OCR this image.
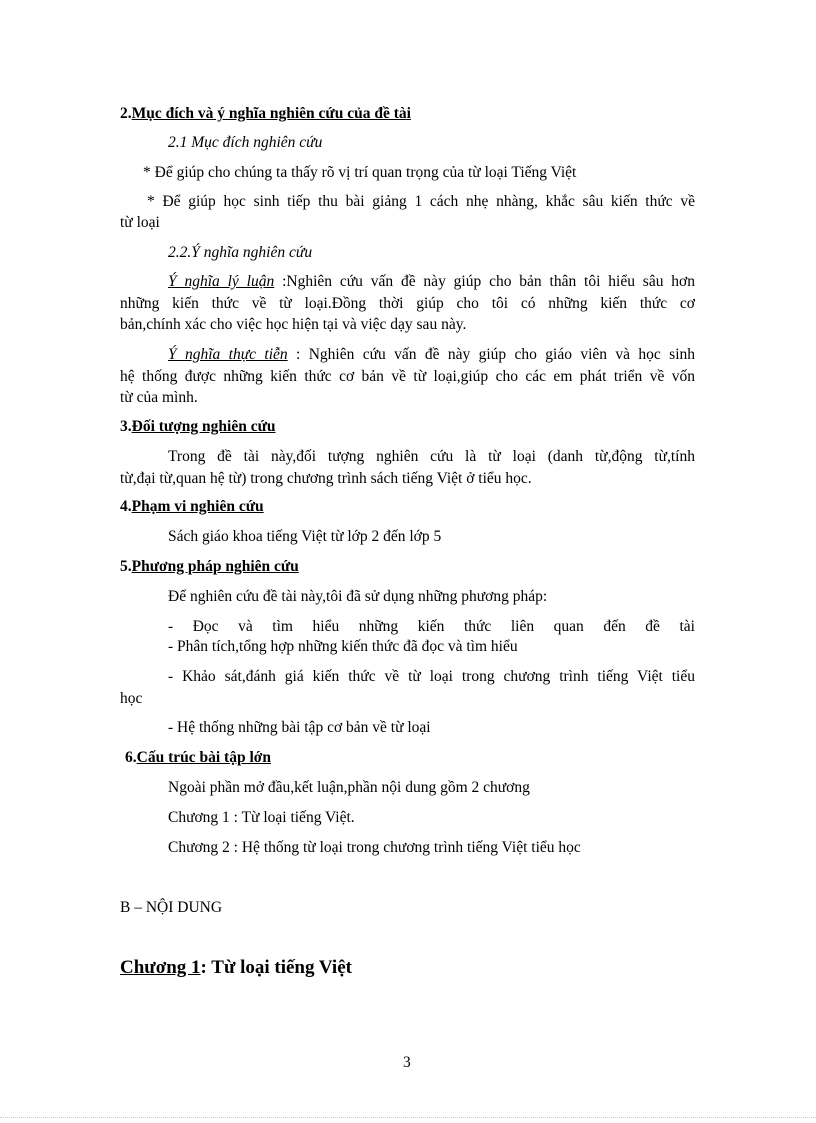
2.Mục đích và ý nghĩa nghiên cứu của đề tài
2.1 Mục đích nghiên cứu
* Để giúp cho chúng ta thấy rõ vị trí quan trọng của từ loại Tiếng Việt
* Để giúp học sinh tiếp thu bài giảng 1 cách nhẹ nhàng, khắc sâu kiến thức về
từ loại
2.2.Ý nghĩa nghiên cứu
Ý nghĩa lý luận :Nghiên cứu vấn đề này giúp cho bản thân tôi hiểu sâu hơn
những kiến thức về từ loại.Đồng thời giúp cho tôi có những kiến thức cơ
bản,chính xác cho việc học hiện tại và việc dạy sau này.
Ý nghĩa thực tiễn : Nghiên cứu vấn đề này giúp cho giáo viên và học sinh
hệ thống được những kiến thức cơ bản về từ loại,giúp cho các em phát triển về vốn
từ của mình.
3.Đối tượng nghiên cứu
Trong đề tài này,đối tượng nghiên cứu là từ loại (danh từ,động từ,tính
từ,đại từ,quan hệ từ) trong chương trình sách tiếng Việt ở tiểu học.
4.Phạm vi nghiên cứu
Sách giáo khoa tiếng Việt từ lớp 2 đến lớp 5
5.Phương pháp nghiên cứu
Để nghiên cứu đề tài này,tôi đã sử dụng những phương pháp:
- Đọc và tìm hiểu những kiến thức liên quan đến đề tài
- Phân tích,tổng hợp những kiến thức đã đọc và tìm hiểu
- Khảo sát,đánh giá kiến thức về từ loại trong chương trình tiếng Việt tiểu
học
- Hệ thống những bài tập cơ bản về từ loại
6.Cấu trúc bài tập lớn
Ngoài phần mở đầu,kết luận,phần nội dung gồm 2 chương
Chương 1 : Từ loại tiếng Việt.
Chương 2 : Hệ thống từ loại trong chương trình tiếng Việt tiểu học
B – NỘI DUNG
Chương 1: Từ loại tiếng Việt
3
